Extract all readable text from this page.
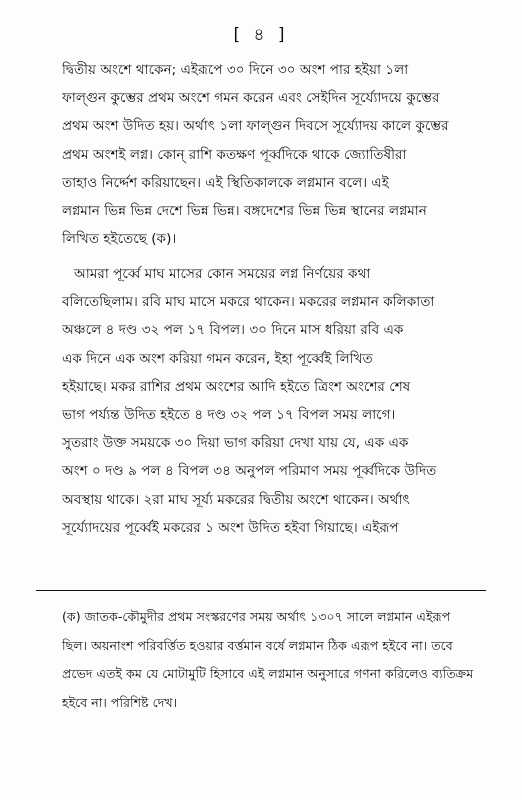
[ ৪ ]
দ্বিতীয় অংশে থাকেন; এইরূপে ৩০ দিনে ৩০ অংশ পার হইয়া ১লা
ফাল্গুন কুম্ভের প্রথম অংশে গমন করেন এবং সেইদিন সূর্য্যোদয়ে কুম্ভের
প্রথম অংশ উদিত হয়। অর্থাৎ ১লা ফাল্গুন দিবসে সূর্য্যোদয় কালে কুম্ভের
প্রথম অংশই লগ্ন। কোন্ রাশি কতক্ষণ পূর্ব্বদিকে থাকে জ্যোতিষীরা
তাহাও নির্দ্দেশ করিয়াছেন। এই স্থিতিকালকে লগ্নমান বলে। এই
লগ্নমান ভিন্ন ভিন্ন দেশে ভিন্ন ভিন্ন। বঙ্গদেশের ভিন্ন ভিন্ন স্থানের লগ্নমান
লিখিত হইতেছে (ক)।
আমরা পূর্ব্বে মাঘ মাসের কোন সময়ের লগ্ন নির্ণয়ের কথা
বলিতেছিলাম। রবি মাঘ মাসে মকরে থাকেন। মকরের লগ্নমান কলিকাতা
অঞ্চলে ৪ দণ্ড ৩২ পল ১৭ বিপল। ৩০ দিনে মাস ধরিয়া রবি এক
এক দিনে এক অংশ করিয়া গমন করেন, ইহা পূর্ব্বেই লিখিত
হইয়াছে। মকর রাশির প্রথম অংশের আদি হইতে ত্রিংশ অংশের শেষ
ভাগ পর্য্যন্ত উদিত হইতে ৪ দণ্ড ৩২ পল ১৭ বিপল সময় লাগে।
সুতরাং উক্ত সময়কে ৩০ দিয়া ভাগ করিয়া দেখা যায় যে, এক এক
অংশ ০ দণ্ড ৯ পল ৪ বিপল ৩৪ অনুপল পরিমাণ সময় পূর্ব্বদিকে উদিত
অবস্থায় থাকে। ২রা মাঘ সূর্য্য মকরের দ্বিতীয় অংশে থাকেন। অর্থাৎ
সূর্য্যোদয়ের পূর্ব্বেই মকরের ১ অংশ উদিত হইবা গিয়াছে। এইরূপ
(ক) জাতক-কৌমুদীর প্রথম সংস্করণের সময় অর্থাৎ ১৩০৭ সালে লগ্নমান এইরূপ
ছিল। অয়নাংশ পরিবর্ত্তিত হওয়ার বর্ত্তমান বর্ষে লগ্নমান ঠিক এরূপ হইবে না। তবে
প্রভেদ এতই কম যে মোটামুটি হিসাবে এই লগ্নমান অনুসারে গণনা করিলেও ব্যতিক্রম
হইবে না। পরিশিষ্ট দেখ।
